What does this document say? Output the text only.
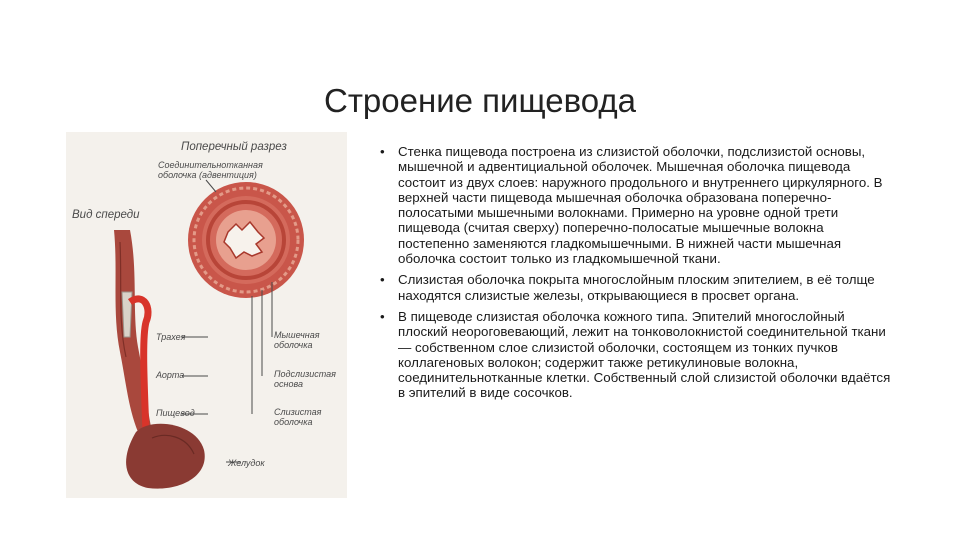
Строение пищевода
Поперечный разрез
Соединительнотканная
оболочка (адвентиция)
Вид спереди
Трахея
Аорта
Пищевод
Желудок
Мышечная
оболочка
Подслизистая
основа
Слизистая
оболочка
• Стенка пищевода построена из слизистой оболочки, подслизистой основы, мышечной и адвентициальной оболочек. Мышечная оболочка пищевода состоит из двух слоев: наружного продольного и внутреннего циркулярного. В верхней части пищевода мышечная оболочка образована поперечно-полосатыми мышечными волокнами. Примерно на уровне одной трети пищевода (считая сверху) поперечно-полосатые мышечные волокна постепенно заменяются гладкомышечными. В нижней части мышечная оболочка состоит только из гладкомышечной ткани.
• Слизистая оболочка покрыта многослойным плоским эпителием, в её толще находятся слизистые железы, открывающиеся в просвет органа.
• В пищеводе слизистая оболочка кожного типа. Эпителий многослойный плоский неороговевающий, лежит на тонковолокнистой соединительной ткани — собственном слое слизистой оболочки, состоящем из тонких пучков коллагеновых волокон; содержит также ретикулиновые волокна, соединительнотканные клетки. Собственный слой слизистой оболочки вдаётся в эпителий в виде сосочков.
